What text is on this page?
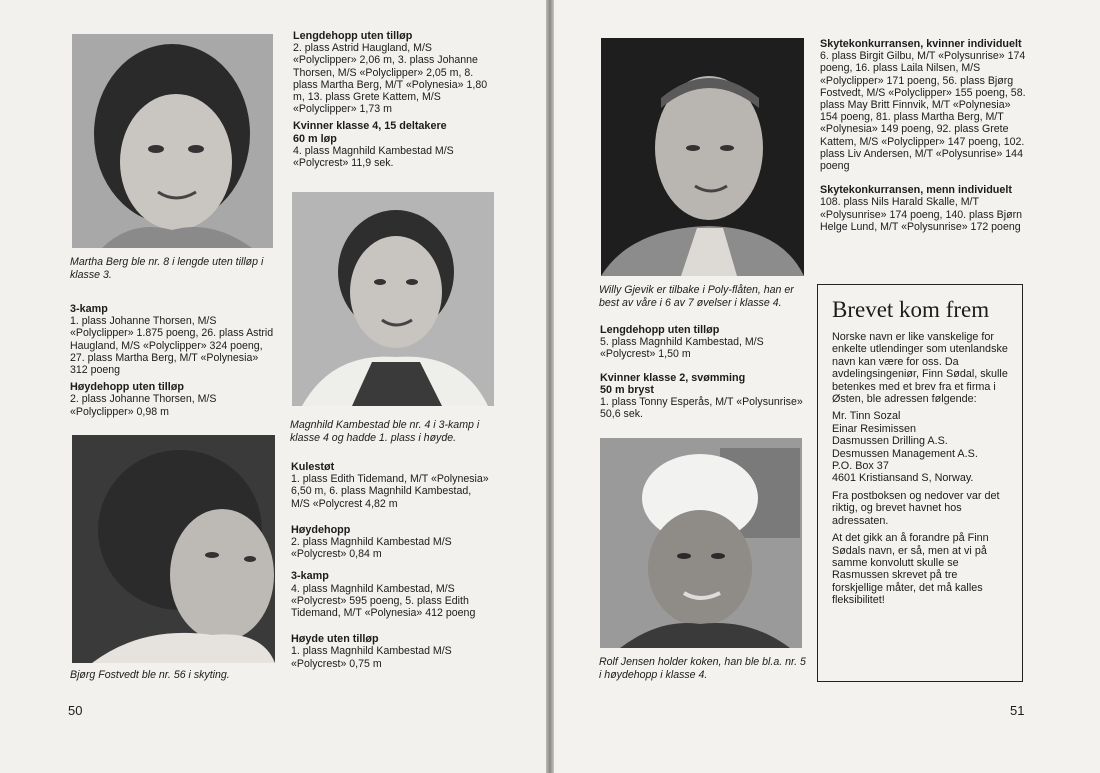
Martha Berg ble nr. 8 i lengde uten tilløp i klasse 3.
3-kamp
1. plass Johanne Thorsen, M/S «Polyclipper» 1.875 poeng, 26. plass Astrid Haugland, M/S «Polyclipper» 324 poeng, 27. plass Martha Berg, M/T «Polynesia» 312 poeng
Høydehopp uten tilløp
2. plass Johanne Thorsen, M/S «Polyclipper» 0,98 m
Bjørg Fostvedt ble nr. 56 i skyting.
Lengdehopp uten tilløp
2. plass Astrid Haugland, M/S «Polyclipper» 2,06 m, 3. plass Johanne Thorsen, M/S «Polyclipper» 2,05 m, 8. plass Martha Berg, M/T «Polynesia» 1,80 m, 13. plass Grete Kattem, M/S «Polyclipper» 1,73 m
Kvinner klasse 4, 15 deltakere
60 m løp
4. plass Magnhild Kambestad M/S «Polycrest» 11,9 sek.
Magnhild Kambestad ble nr. 4 i 3-kamp i klasse 4 og hadde 1. plass i høyde.
Kulestøt
1. plass Edith Tidemand, M/T «Polynesia» 6,50 m, 6. plass Magnhild Kambestad, M/S «Polycrest 4,82 m
Høydehopp
2. plass Magnhild Kambestad M/S «Polycrest» 0,84 m
3-kamp
4. plass Magnhild Kambestad, M/S «Polycrest» 595 poeng, 5. plass Edith Tidemand, M/T «Polynesia» 412 poeng
Høyde uten tilløp
1. plass Magnhild Kambestad M/S «Polycrest» 0,75 m
50
Willy Gjevik er tilbake i Poly-flåten, han er best av våre i 6 av 7 øvelser i klasse 4.
Lengdehopp uten tilløp
5. plass Magnhild Kambestad, M/S «Polycrest» 1,50 m
Kvinner klasse 2, svømming
50 m bryst
1. plass Tonny Esperås, M/T «Polysunrise» 50,6 sek.
Rolf Jensen holder koken, han ble bl.a. nr. 5 i høydehopp i klasse 4.
Skytekonkurransen, kvinner individuelt
6. plass Birgit Gilbu, M/T «Polysunrise» 174 poeng, 16. plass Laila Nilsen, M/S «Polyclipper» 171 poeng, 56. plass Bjørg Fostvedt, M/S «Polyclipper» 155 poeng, 58. plass May Britt Finnvik, M/T «Polynesia» 154 poeng, 81. plass Martha Berg, M/T «Polynesia» 149 poeng, 92. plass Grete Kattem, M/S «Polyclipper» 147 poeng, 102. plass Liv Andersen, M/T «Polysunrise» 144 poeng
Skytekonkurransen, menn individuelt
108. plass Nils Harald Skalle, M/T «Polysunrise» 174 poeng, 140. plass Bjørn Helge Lund, M/T «Polysunrise» 172 poeng
Brevet kom frem

Norske navn er like vanskelige for enkelte utlendinger som utenlandske navn kan være for oss. Da avdelingsingeniør, Finn Sødal, skulle betenkes med et brev fra et firma i Østen, ble adressen følgende:

Mr. Tinn Sozal
Einar Resimissen
Dasmussen Drilling A.S.
Desmussen Management A.S.
P.O. Box 37
4601 Kristiansand S, Norway.

Fra postboksen og nedover var det riktig, og brevet havnet hos adressaten.

At det gikk an å forandre på Finn Sødals navn, er så, men at vi på samme konvolutt skulle se Rasmussen skrevet på tre forskjellige måter, det må kalles fleksibilitet!

51
